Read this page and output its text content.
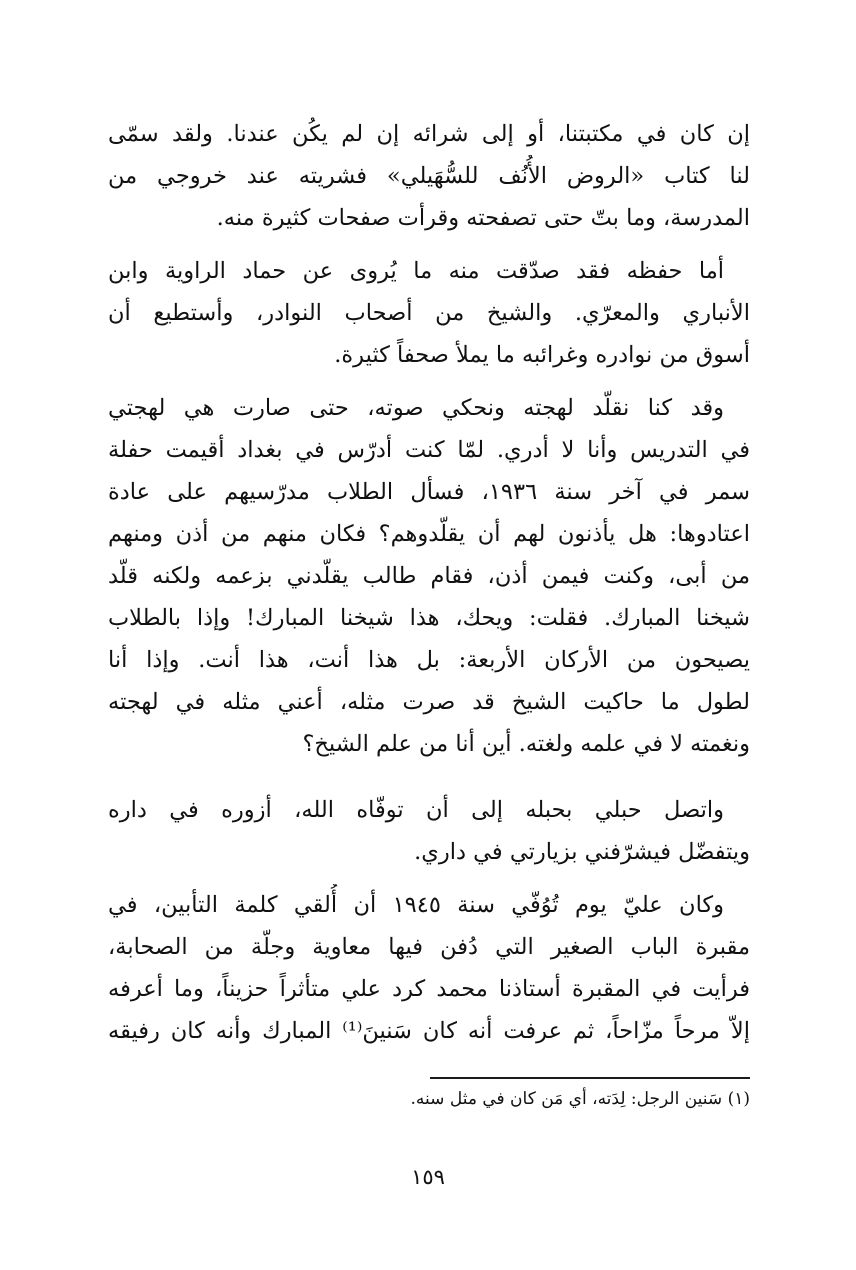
إن كان في مكتبتنا، أو إلى شرائه إن لم يكُن عندنا. ولقد سمّى
لنا كتاب «الروض الأُنُف للسُّهَيلي» فشريته عند خروجي من
المدرسة، وما بتّ حتى تصفحته وقرأت صفحات كثيرة منه.
أما حفظه فقد صدّقت منه ما يُروى عن حماد الراوية وابن
الأنباري والمعرّي. والشيخ من أصحاب النوادر، وأستطيع أن
أسوق من نوادره وغرائبه ما يملأ صحفاً كثيرة.
وقد كنا نقلّد لهجته ونحكي صوته، حتى صارت هي لهجتي
في التدريس وأنا لا أدري. لمّا كنت أدرّس في بغداد أقيمت حفلة
سمر في آخر سنة ١٩٣٦، فسأل الطلاب مدرّسيهم على عادة
اعتادوها: هل يأذنون لهم أن يقلّدوهم؟ فكان منهم من أذن ومنهم
من أبى، وكنت فيمن أذن، فقام طالب يقلّدني بزعمه ولكنه قلّد
شيخنا المبارك. فقلت: ويحك، هذا شيخنا المبارك! وإذا بالطلاب
يصيحون من الأركان الأربعة: بل هذا أنت، هذا أنت. وإذا أنا
لطول ما حاكيت الشيخ قد صرت مثله، أعني مثله في لهجته
ونغمته لا في علمه ولغته. أين أنا من علم الشيخ؟
واتصل حبلي بحبله إلى أن توفّاه الله، أزوره في داره
ويتفضّل فيشرّفني بزيارتي في داري.
وكان عليّ يوم تُوُفّي سنة ١٩٤٥ أن أُلقي كلمة التأبين، في
مقبرة الباب الصغير التي دُفن فيها معاوية وجلّة من الصحابة،
فرأيت في المقبرة أستاذنا محمد كرد علي متأثراً حزيناً، وما أعرفه
إلاّ مرحاً مزّاحاً، ثم عرفت أنه كان سَنينَ⁽¹⁾ المبارك وأنه كان رفيقه
(١) سَنين الرجل: لِدَته، أي مَن كان في مثل سنه.
١٥٩
